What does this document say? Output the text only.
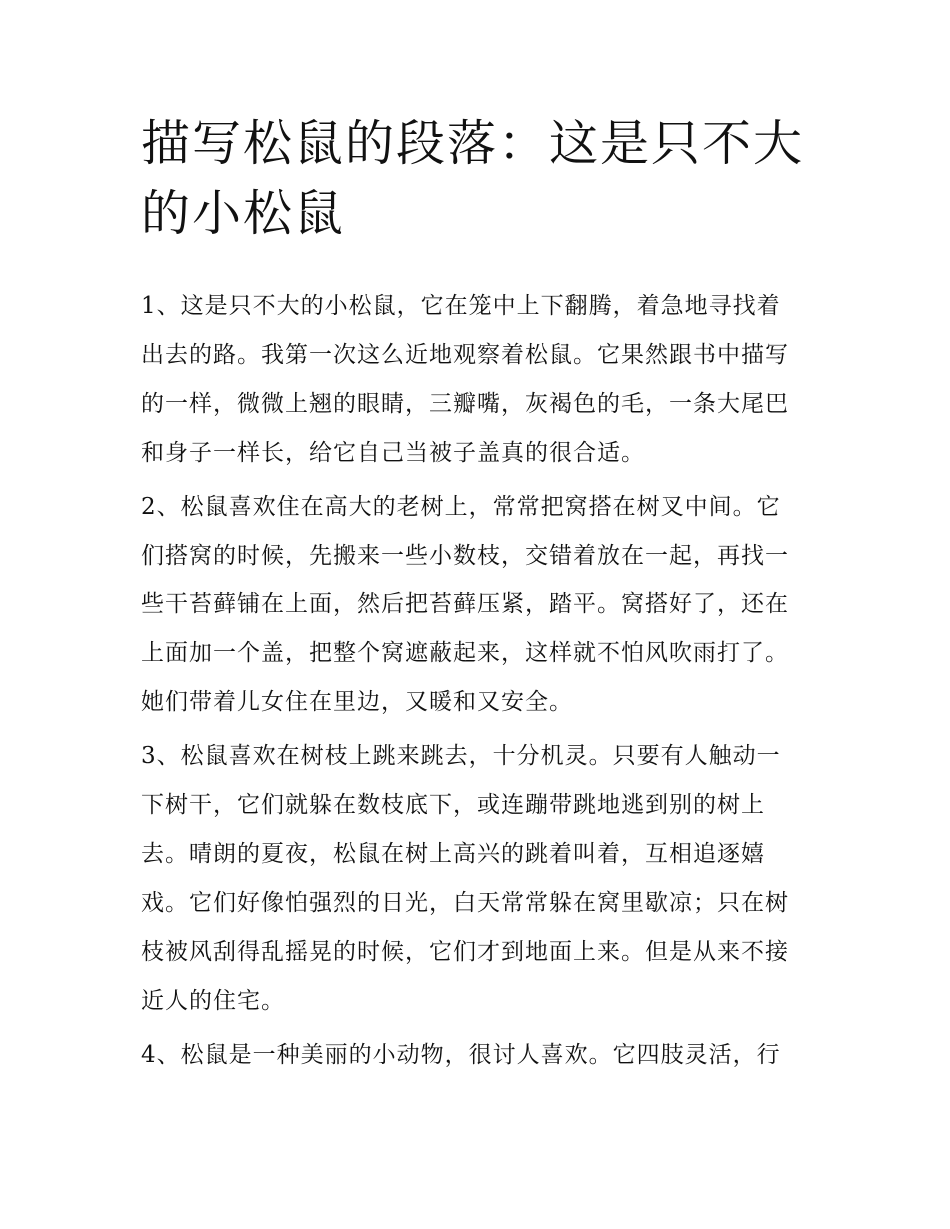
描写松鼠的段落：这是只不大
的小松鼠

1、这是只不大的小松鼠，它在笼中上下翻腾，着急地寻找着
出去的路。我第一次这么近地观察着松鼠。它果然跟书中描写
的一样，微微上翘的眼睛，三瓣嘴，灰褐色的毛，一条大尾巴
和身子一样长，给它自己当被子盖真的很合适。

2、松鼠喜欢住在高大的老树上，常常把窝搭在树叉中间。它
们搭窝的时候，先搬来一些小数枝，交错着放在一起，再找一
些干苔藓铺在上面，然后把苔藓压紧，踏平。窝搭好了，还在
上面加一个盖，把整个窝遮蔽起来，这样就不怕风吹雨打了。
她们带着儿女住在里边，又暖和又安全。

3、松鼠喜欢在树枝上跳来跳去，十分机灵。只要有人触动一
下树干，它们就躲在数枝底下，或连蹦带跳地逃到别的树上
去。晴朗的夏夜，松鼠在树上高兴的跳着叫着，互相追逐嬉
戏。它们好像怕强烈的日光，白天常常躲在窝里歇凉；只在树
枝被风刮得乱摇晃的时候，它们才到地面上来。但是从来不接
近人的住宅。

4、松鼠是一种美丽的小动物，很讨人喜欢。它四肢灵活，行
